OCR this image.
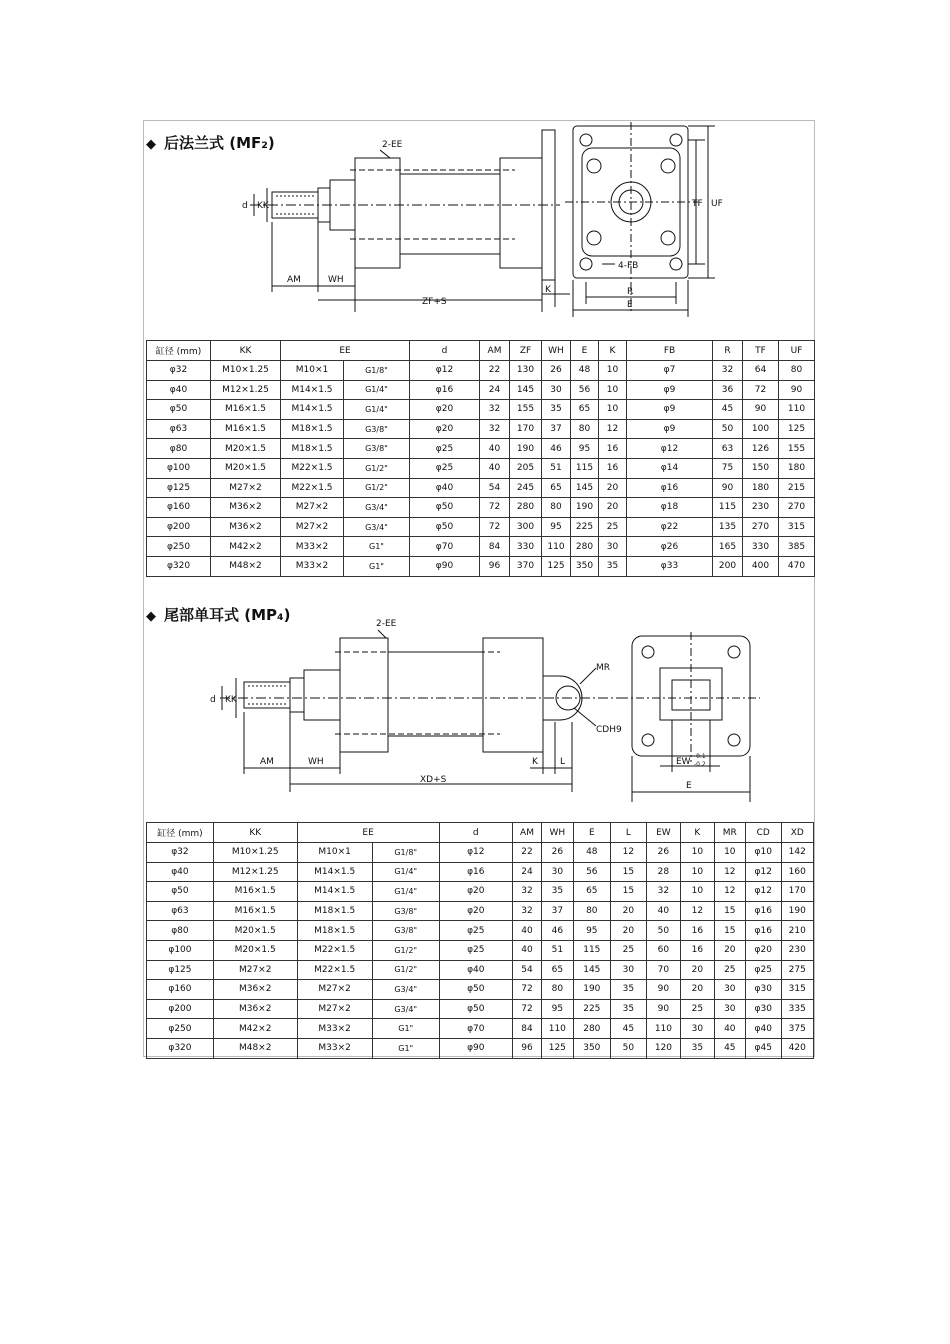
◆ 后法兰式 (MF₂)	2-EE
d KK
AM	WH
ZF+S
K
4-FB
R
E
TF UF
缸径 (mm)	KK	EE		d	AM	ZF	WH	E	K	FB	R	TF	UF
φ32	M10×1.25	M10×1	G1/8"	φ12	22	130	26	48	10	φ7	32	64	80
φ40	M12×1.25	M14×1.5	G1/4"	φ16	24	145	30	56	10	φ9	36	72	90
φ50	M16×1.5	M14×1.5	G1/4"	φ20	32	155	35	65	10	φ9	45	90	110
φ63	M16×1.5	M18×1.5	G3/8"	φ20	32	170	37	80	12	φ9	50	100	125
φ80	M20×1.5	M18×1.5	G3/8"	φ25	40	190	46	95	16	φ12	63	126	155
φ100	M20×1.5	M22×1.5	G1/2"	φ25	40	205	51	115	16	φ14	75	150	180
φ125	M27×2	M22×1.5	G1/2"	φ40	54	245	65	145	20	φ16	90	180	215
φ160	M36×2	M27×2	G3/4"	φ50	72	280	80	190	20	φ18	115	230	270
φ200	M36×2	M27×2	G3/4"	φ50	72	300	95	225	25	φ22	135	270	315
φ250	M42×2	M33×2	G1"	φ70	84	330	110	280	30	φ26	165	330	385
φ320	M48×2	M33×2	G1"	φ90	96	370	125	350	35	φ33	200	400	470
◆ 尾部单耳式 (MP₄)	2-EE
MR
CDH9
d KK
AM	WH
XD+S
K L	EW
-0.1
-0.2
E
缸径 (mm)	KK	EE		d	AM	WH	E	L	EW	K	MR	CD	XD
φ32	M10×1.25	M10×1	G1/8"	φ12	22	26	48	12	26	10	10	φ10	142
φ40	M12×1.25	M14×1.5	G1/4"	φ16	24	30	56	15	28	10	12	φ12	160
φ50	M16×1.5	M14×1.5	G1/4"	φ20	32	35	65	15	32	10	12	φ12	170
φ63	M16×1.5	M18×1.5	G3/8"	φ20	32	37	80	20	40	12	15	φ16	190
φ80	M20×1.5	M18×1.5	G3/8"	φ25	40	46	95	20	50	16	15	φ16	210
φ100	M20×1.5	M22×1.5	G1/2"	φ25	40	51	115	25	60	16	20	φ20	230
φ125	M27×2	M22×1.5	G1/2"	φ40	54	65	145	30	70	20	25	φ25	275
φ160	M36×2	M27×2	G3/4"	φ50	72	80	190	35	90	20	30	φ30	315
φ200	M36×2	M27×2	G3/4"	φ50	72	95	225	35	90	25	30	φ30	335
φ250	M42×2	M33×2	G1"	φ70	84	110	280	45	110	30	40	φ40	375
φ320	M48×2	M33×2	G1"	φ90	96	125	350	50	120	35	45	φ45	420
